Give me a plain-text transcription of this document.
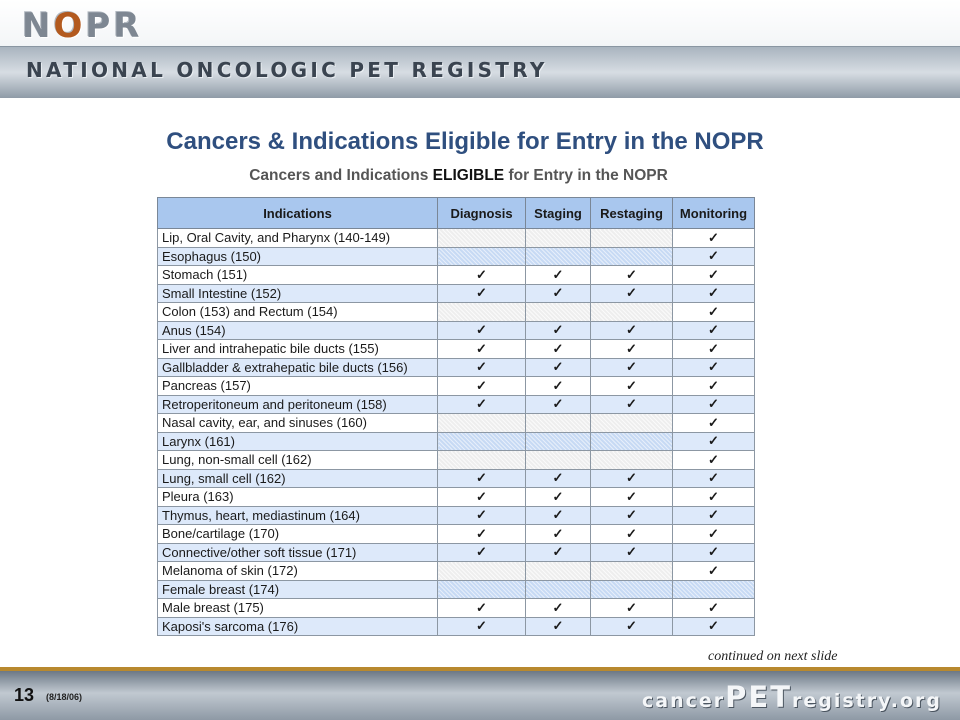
NOPR
NATIONAL ONCOLOGIC PET REGISTRY
Cancers & Indications Eligible for Entry in the NOPR
Cancers and Indications ELIGIBLE for Entry in the NOPR
Indications	Diagnosis	Staging	Restaging	Monitoring
Lip, Oral Cavity, and Pharynx (140-149)				✓
Esophagus (150)				✓
Stomach (151)	✓	✓	✓	✓
Small Intestine (152)	✓	✓	✓	✓
Colon (153) and Rectum (154)				✓
Anus (154)	✓	✓	✓	✓
Liver and intrahepatic bile ducts (155)	✓	✓	✓	✓
Gallbladder & extrahepatic bile ducts (156)	✓	✓	✓	✓
Pancreas (157)	✓	✓	✓	✓
Retroperitoneum and peritoneum (158)	✓	✓	✓	✓
Nasal cavity, ear, and sinuses (160)				✓
Larynx (161)				✓
Lung, non-small cell (162)				✓
Lung, small cell (162)	✓	✓	✓	✓
Pleura (163)	✓	✓	✓	✓
Thymus, heart, mediastinum (164)	✓	✓	✓	✓
Bone/cartilage (170)	✓	✓	✓	✓
Connective/other soft tissue (171)	✓	✓	✓	✓
Melanoma of skin (172)				✓
Female breast (174)				
Male breast (175)	✓	✓	✓	✓
Kaposi's sarcoma (176)	✓	✓	✓	✓
continued on next slide
13 (8/18/06)	cancerPETregistry.org
